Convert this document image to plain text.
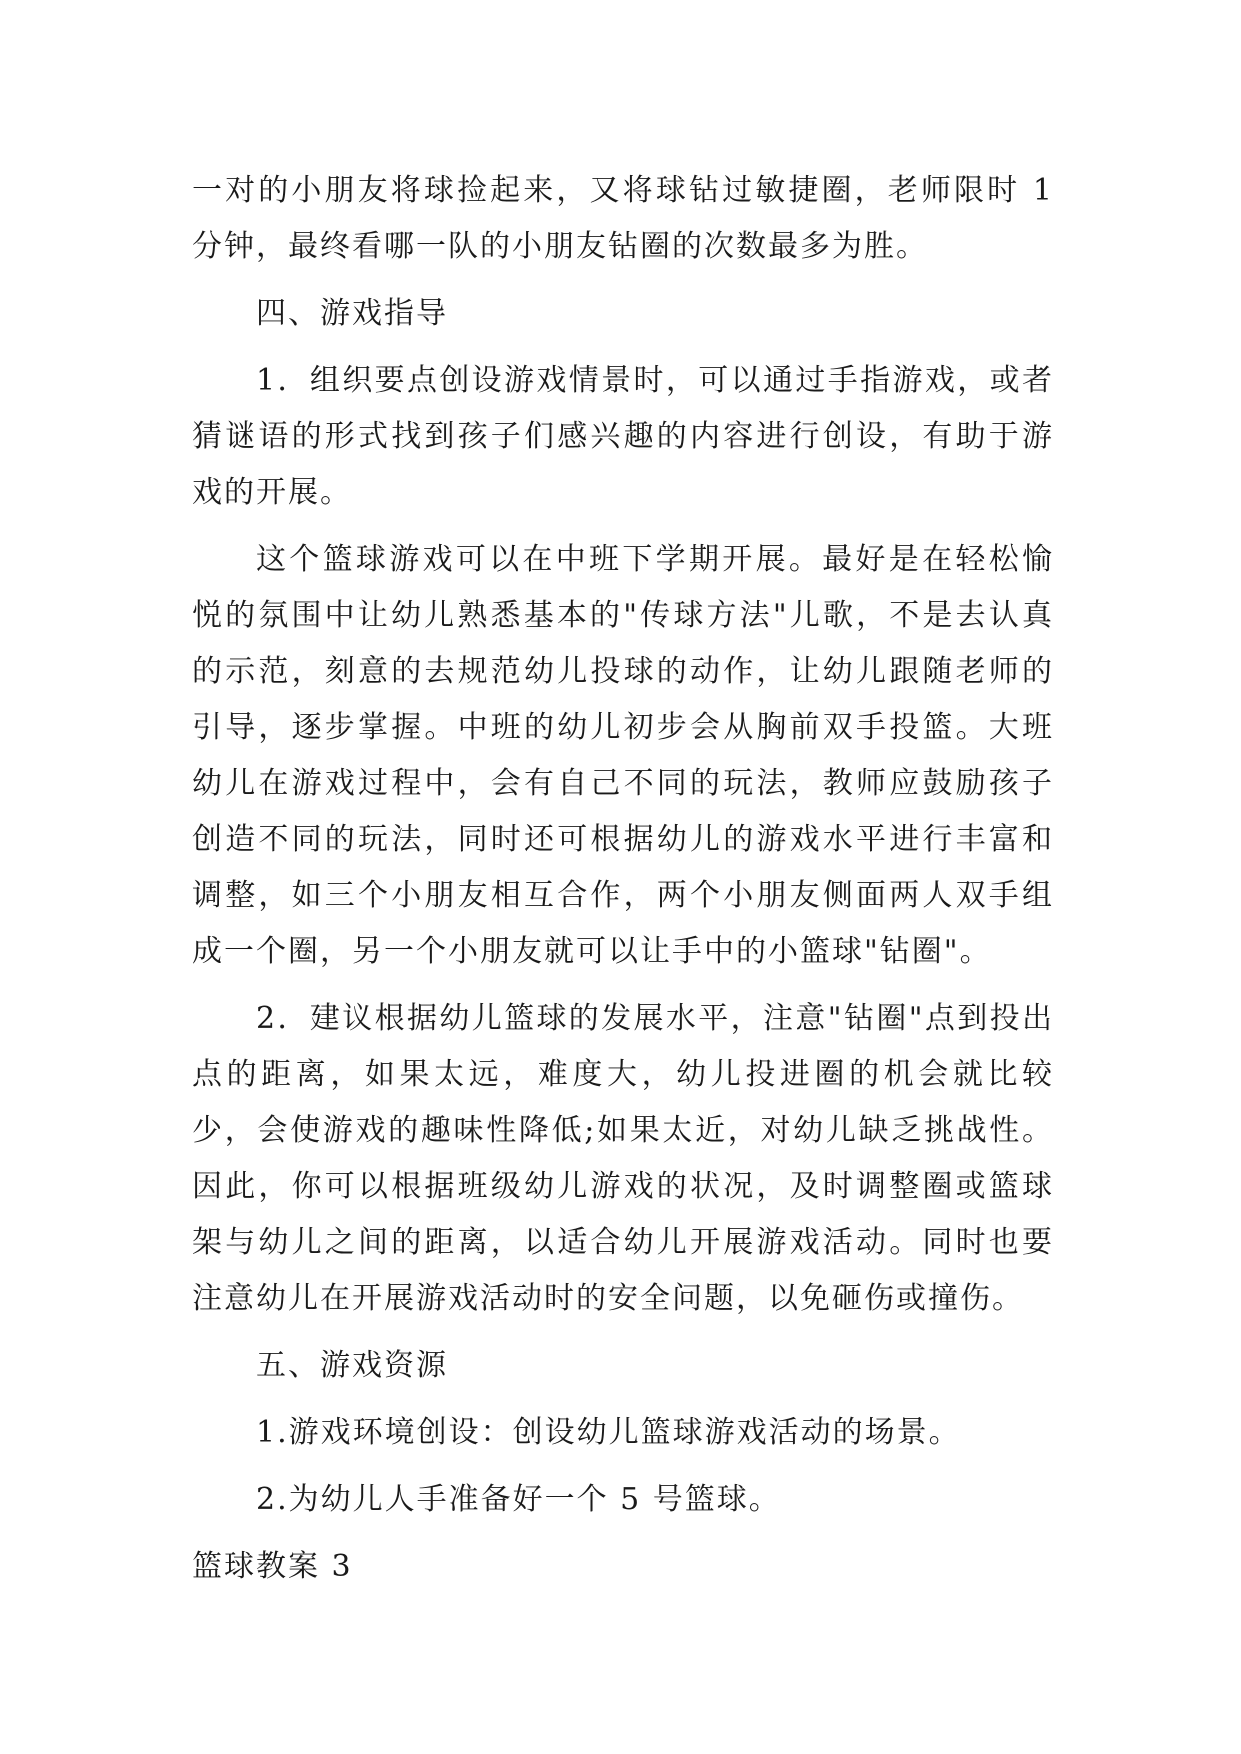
一对的小朋友将球捡起来，又将球钻过敏捷圈，老师限时 1 分钟，最终看哪一队的小朋友钻圈的次数最多为胜。

四、游戏指导

1．组织要点创设游戏情景时，可以通过手指游戏，或者猜谜语的形式找到孩子们感兴趣的内容进行创设，有助于游戏的开展。

这个篮球游戏可以在中班下学期开展。最好是在轻松愉悦的氛围中让幼儿熟悉基本的"传球方法"儿歌，不是去认真的示范，刻意的去规范幼儿投球的动作，让幼儿跟随老师的引导，逐步掌握。中班的幼儿初步会从胸前双手投篮。大班幼儿在游戏过程中，会有自己不同的玩法，教师应鼓励孩子创造不同的玩法，同时还可根据幼儿的游戏水平进行丰富和调整，如三个小朋友相互合作，两个小朋友侧面两人双手组成一个圈，另一个小朋友就可以让手中的小篮球"钻圈"。

2．建议根据幼儿篮球的发展水平，注意"钻圈"点到投出点的距离，如果太远，难度大，幼儿投进圈的机会就比较少，会使游戏的趣味性降低;如果太近，对幼儿缺乏挑战性。因此，你可以根据班级幼儿游戏的状况，及时调整圈或篮球架与幼儿之间的距离，以适合幼儿开展游戏活动。同时也要注意幼儿在开展游戏活动时的安全问题，以免砸伤或撞伤。

五、游戏资源

1.游戏环境创设：创设幼儿篮球游戏活动的场景。

2.为幼儿人手准备好一个 5 号篮球。

篮球教案 3
